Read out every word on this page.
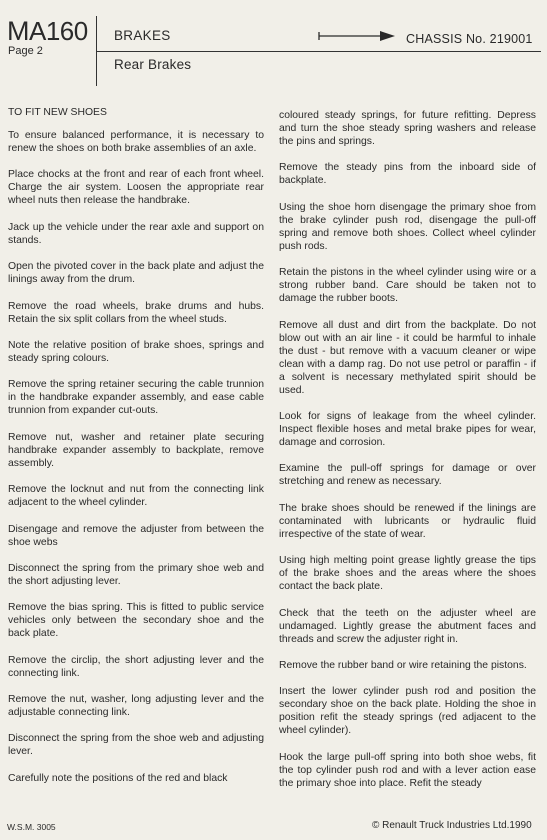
MA160
Page 2
BRAKES
Rear Brakes
CHASSIS No. 219001

TO FIT NEW SHOES

To ensure balanced performance, it is necessary to renew the shoes on both brake assemblies of an axle.

Place chocks at the front and rear of each front wheel. Charge the air system. Loosen the appropriate rear wheel nuts then release the handbrake.

Jack up the vehicle under the rear axle and support on stands.

Open the pivoted cover in the back plate and adjust the linings away from the drum.

Remove the road wheels, brake drums and hubs. Retain the six split collars from the wheel studs.

Note the relative position of brake shoes, springs and steady spring colours.

Remove the spring retainer securing the cable trunnion in the handbrake expander assembly, and ease cable trunnion from expander cut-outs.

Remove nut, washer and retainer plate securing handbrake expander assembly to backplate, remove assembly.

Remove the locknut and nut from the connecting link adjacent to the wheel cylinder.

Disengage and remove the adjuster from between the shoe webs

Disconnect the spring from the primary shoe web and the short adjusting lever.

Remove the bias spring. This is fitted to public service vehicles only between the secondary shoe and the back plate.

Remove the circlip, the short adjusting lever and the connecting link.

Remove the nut, washer, long adjusting lever and the adjustable connecting link.

Disconnect the spring from the shoe web and adjusting lever.

Carefully note the positions of the red and black

coloured steady springs, for future refitting. Depress and turn the shoe steady spring washers and release the pins and springs.

Remove the steady pins from the inboard side of backplate.

Using the shoe horn disengage the primary shoe from the brake cylinder push rod, disengage the pull-off spring and remove both shoes. Collect wheel cylinder push rods.

Retain the pistons in the wheel cylinder using wire or a strong rubber band. Care should be taken not to damage the rubber boots.

Remove all dust and dirt from the backplate. Do not blow out with an air line - it could be harmful to inhale the dust - but remove with a vacuum cleaner or wipe clean with a damp rag. Do not use petrol or paraffin - if a solvent is necessary methylated spirit should be used.

Look for signs of leakage from the wheel cylinder. Inspect flexible hoses and metal brake pipes for wear, damage and corrosion.

Examine the pull-off springs for damage or over stretching and renew as necessary.

The brake shoes should be renewed if the linings are contaminated with lubricants or hydraulic fluid irrespective of the state of wear.

Using high melting point grease lightly grease the tips of the brake shoes and the areas where the shoes contact the back plate.

Check that the teeth on the adjuster wheel are undamaged. Lightly grease the abutment faces and threads and screw the adjuster right in.

Remove the rubber band or wire retaining the pistons.

Insert the lower cylinder push rod and position the secondary shoe on the back plate. Holding the shoe in position refit the steady springs (red adjacent to the wheel cylinder).

Hook the large pull-off spring into both shoe webs, fit the top cylinder push rod and with a lever action ease the primary shoe into place. Refit the steady

W.S.M. 3005	© Renault Truck Industries Ltd.1990
